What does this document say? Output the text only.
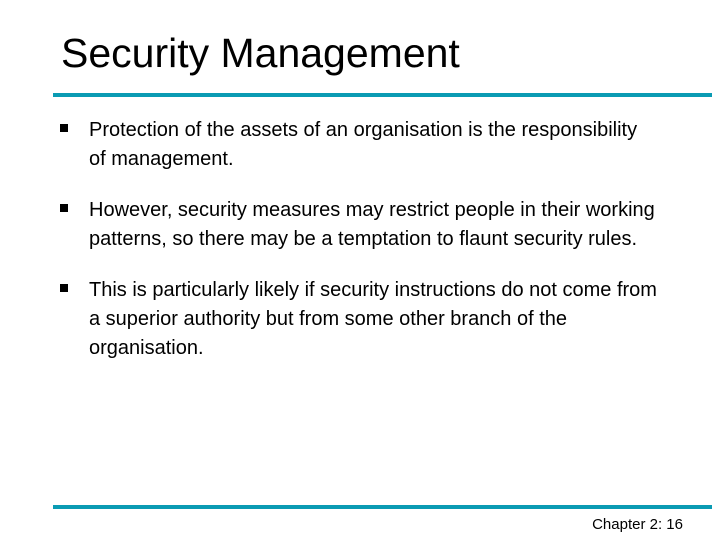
Security Management
Protection of the assets of an organisation is the responsibility of management.
However, security measures may restrict people in their working patterns, so there may be a temptation to flaunt security rules.
This is particularly likely if security instructions do not come from a superior authority but from some other branch of the organisation.
Chapter 2: 16
